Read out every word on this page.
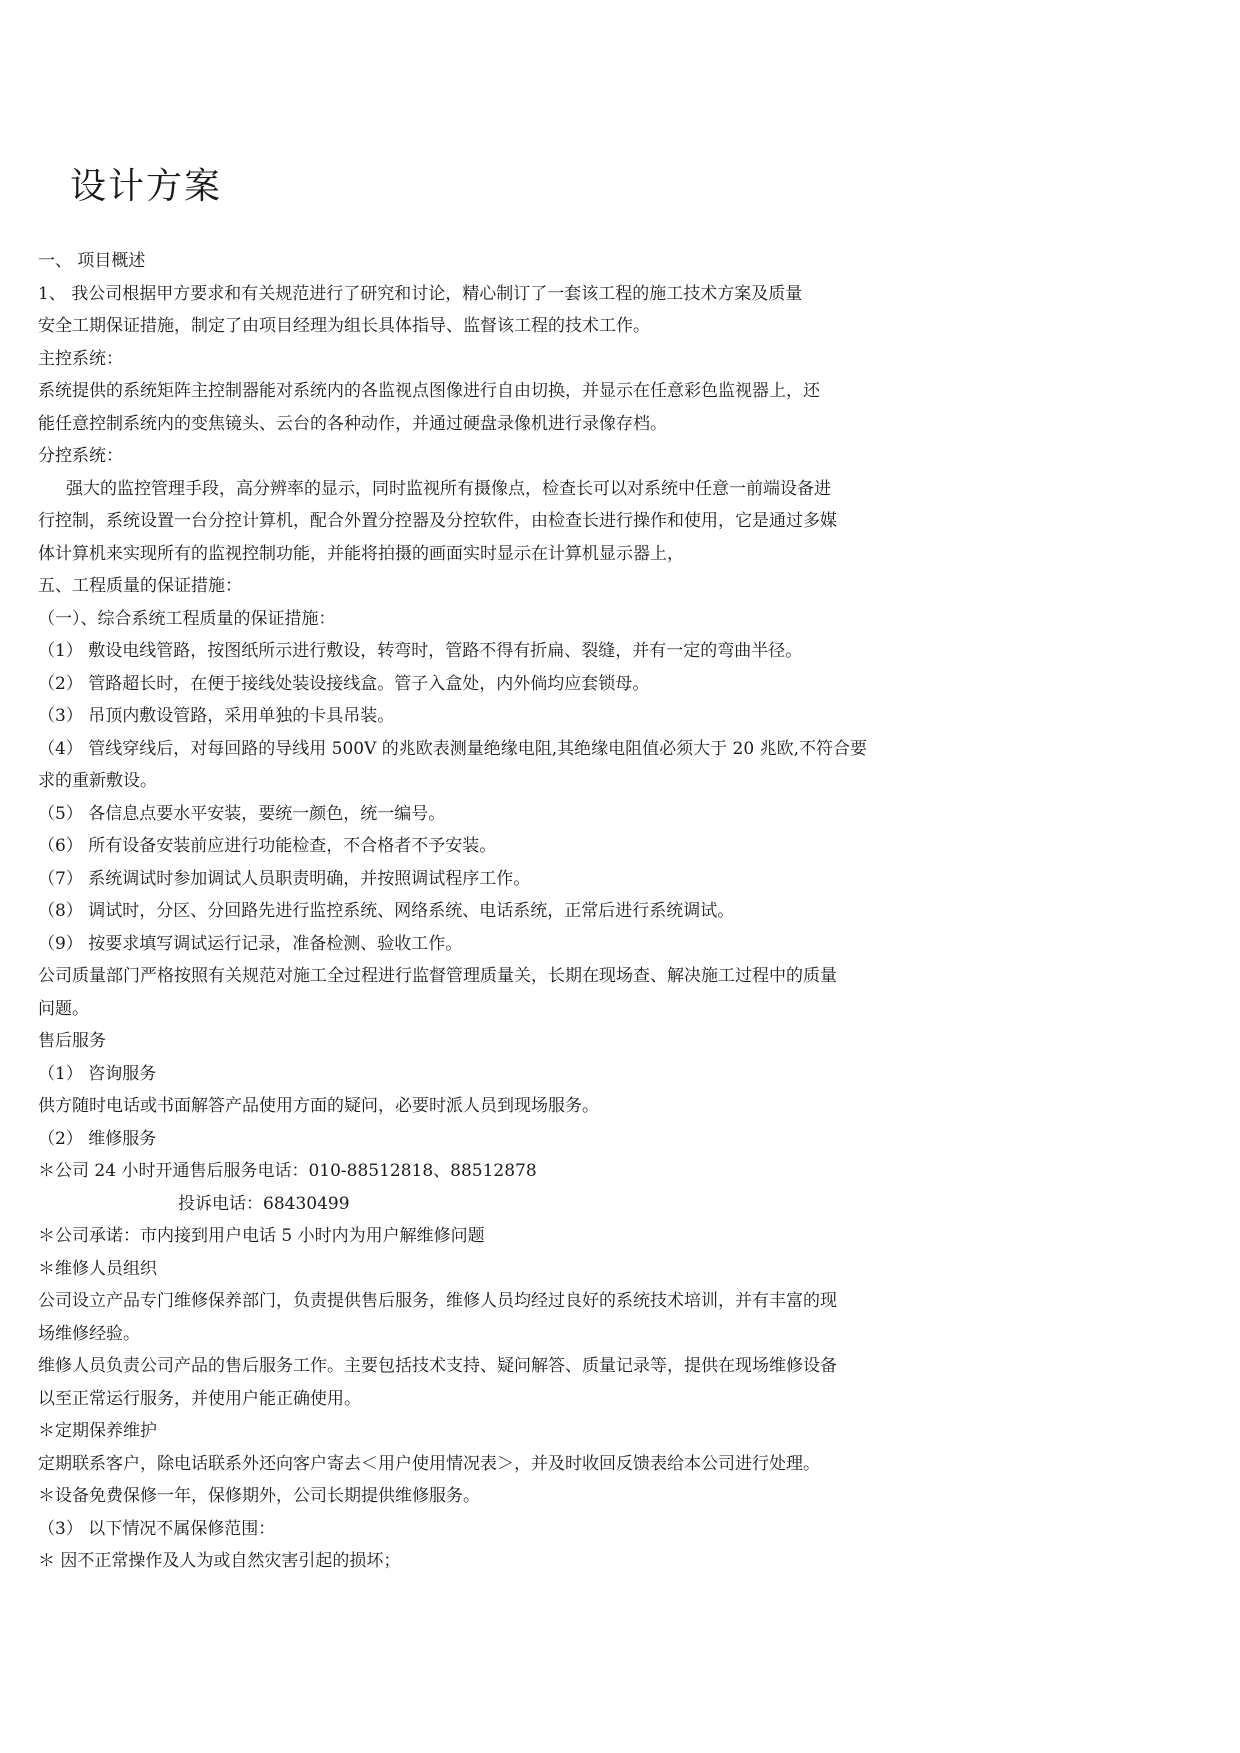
设计方案
一、 项目概述
1、 我公司根据甲方要求和有关规范进行了研究和讨论，精心制订了一套该工程的施工技术方案及质量
安全工期保证措施，制定了由项目经理为组长具体指导、监督该工程的技术工作。
主控系统：
系统提供的系统矩阵主控制器能对系统内的各监视点图像进行自由切换，并显示在任意彩色监视器上，还
能任意控制系统内的变焦镜头、云台的各种动作，并通过硬盘录像机进行录像存档。
分控系统：
强大的监控管理手段，高分辨率的显示，同时监视所有摄像点，检查长可以对系统中任意一前端设备进
行控制，系统设置一台分控计算机，配合外置分控器及分控软件，由检查长进行操作和使用，它是通过多媒
体计算机来实现所有的监视控制功能，并能将拍摄的画面实时显示在计算机显示器上，
五、工程质量的保证措施：
（一）、综合系统工程质量的保证措施：
（1） 敷设电线管路，按图纸所示进行敷设，转弯时，管路不得有折扁、裂缝，并有一定的弯曲半径。
（2） 管路超长时，在便于接线处装设接线盒。管子入盒处，内外倘均应套锁母。
（3） 吊顶内敷设管路，采用单独的卡具吊装。
（4） 管线穿线后，对每回路的导线用 500V 的兆欧表测量绝缘电阻,其绝缘电阻值必须大于 20 兆欧,不符合要
求的重新敷设。
（5） 各信息点要水平安装，要统一颜色，统一编号。
（6） 所有设备安装前应进行功能检查，不合格者不予安装。
（7） 系统调试时参加调试人员职责明确，并按照调试程序工作。
（8） 调试时，分区、分回路先进行监控系统、网络系统、电话系统，正常后进行系统调试。
（9） 按要求填写调试运行记录，准备检测、验收工作。
公司质量部门严格按照有关规范对施工全过程进行监督管理质量关，长期在现场查、解决施工过程中的质量
问题。
售后服务
（1） 咨询服务
供方随时电话或书面解答产品使用方面的疑问，必要时派人员到现场服务。
（2） 维修服务
＊公司 24 小时开通售后服务电话：010-88512818、88512878
投诉电话：68430499
＊公司承诺：市内接到用户电话 5 小时内为用户解维修问题
＊维修人员组织
公司设立产品专门维修保养部门，负责提供售后服务，维修人员均经过良好的系统技术培训，并有丰富的现
场维修经验。
维修人员负责公司产品的售后服务工作。主要包括技术支持、疑问解答、质量记录等，提供在现场维修设备
以至正常运行服务，并使用户能正确使用。
＊定期保养维护
定期联系客户，除电话联系外还向客户寄去＜用户使用情况表＞，并及时收回反馈表给本公司进行处理。
＊设备免费保修一年，保修期外，公司长期提供维修服务。
（3） 以下情况不属保修范围：
＊ 因不正常操作及人为或自然灾害引起的损坏；
